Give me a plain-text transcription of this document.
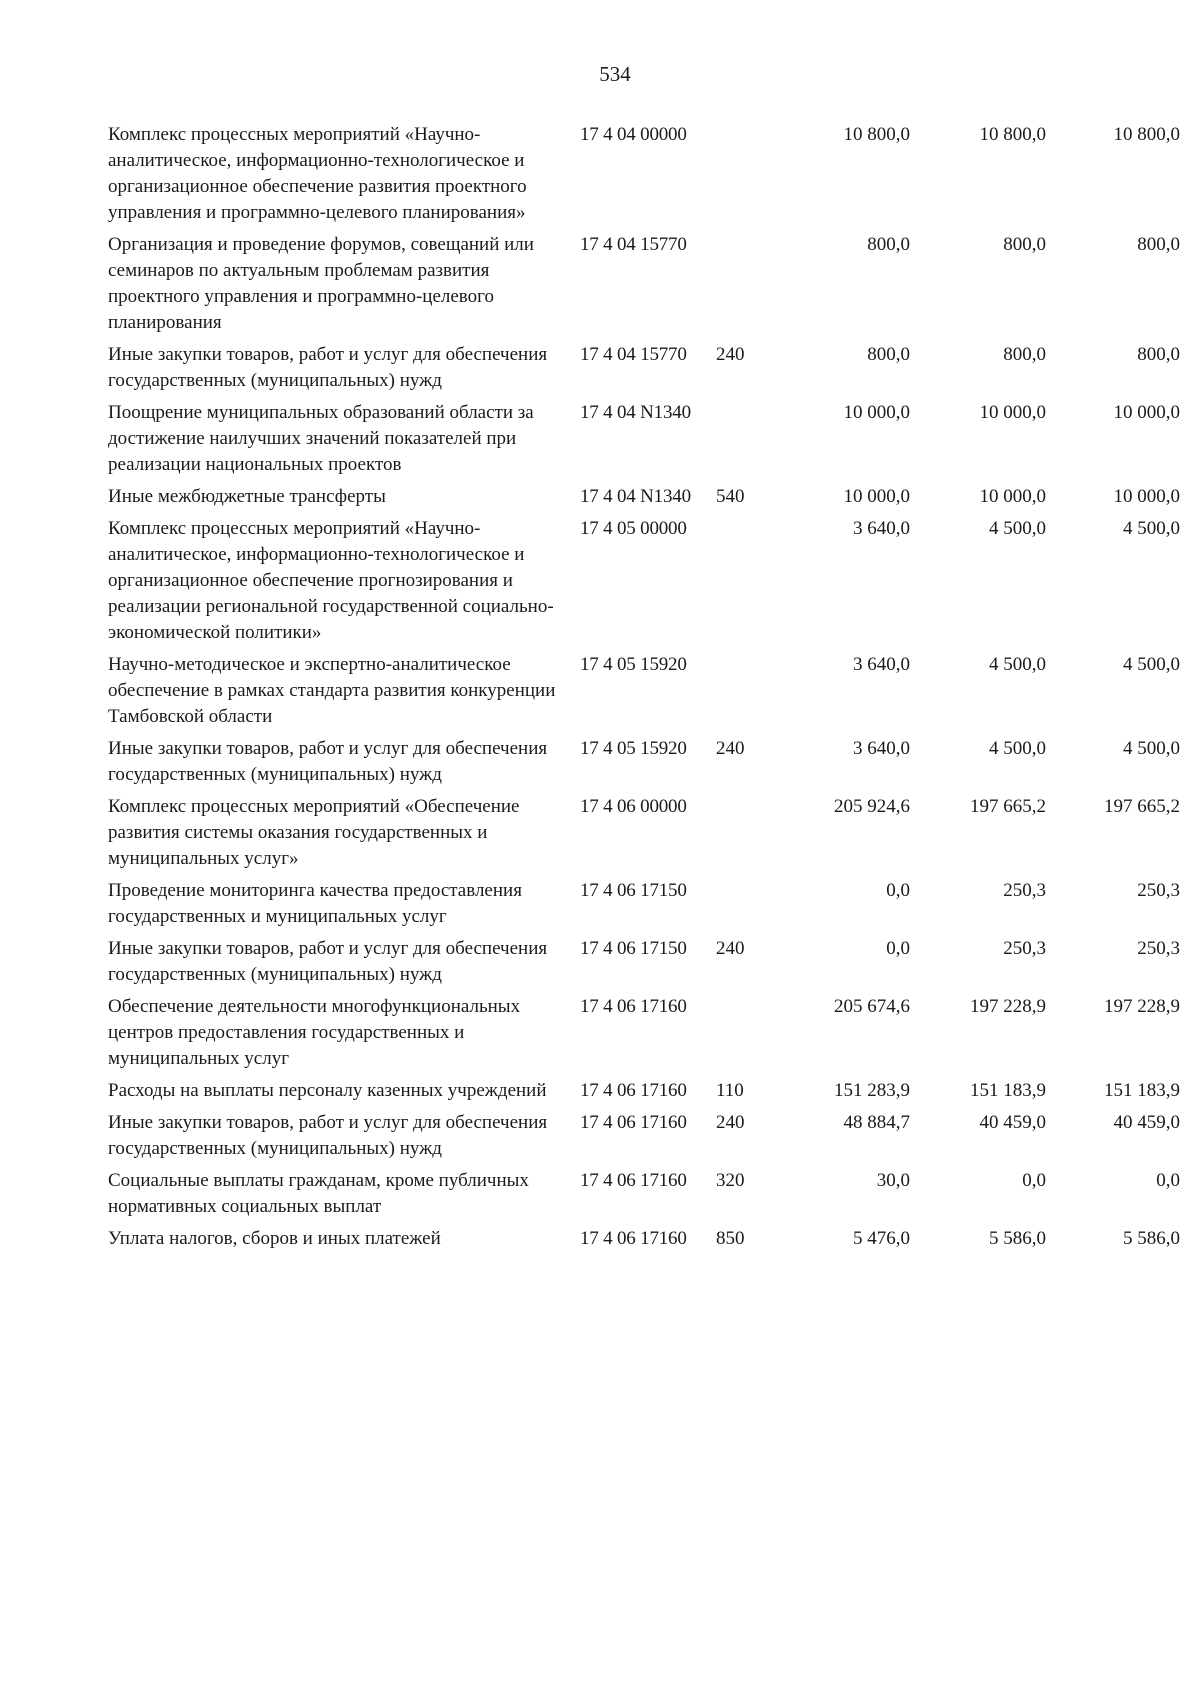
534
Комплекс процессных мероприятий «Научно-аналитическое, информационно-технологическое и организационное обеспечение развития проектного управления и программно-целевого планирования»	17 4 04 00000		10 800,0	10 800,0	10 800,0
Организация и проведение форумов, совещаний или семинаров по актуальным проблемам развития проектного управления и программно-целевого планирования	17 4 04 15770		800,0	800,0	800,0
Иные закупки товаров, работ и услуг для обеспечения государственных (муниципальных) нужд	17 4 04 15770	240	800,0	800,0	800,0
Поощрение муниципальных образований области за достижение наилучших значений показателей при реализации национальных проектов	17 4 04 N1340		10 000,0	10 000,0	10 000,0
Иные межбюджетные трансферты	17 4 04 N1340	540	10 000,0	10 000,0	10 000,0
Комплекс процессных мероприятий «Научно-аналитическое, информационно-технологическое и организационное обеспечение прогнозирования и реализации региональной государственной социально-экономической политики»	17 4 05 00000		3 640,0	4 500,0	4 500,0
Научно-методическое и экспертно-аналитическое обеспечение в рамках стандарта развития конкуренции Тамбовской области	17 4 05 15920		3 640,0	4 500,0	4 500,0
Иные закупки товаров, работ и услуг для обеспечения государственных (муниципальных) нужд	17 4 05 15920	240	3 640,0	4 500,0	4 500,0
Комплекс процессных мероприятий «Обеспечение развития системы оказания государственных и муниципальных услуг»	17 4 06 00000		205 924,6	197 665,2	197 665,2
Проведение мониторинга качества предоставления государственных и муниципальных услуг	17 4 06 17150		0,0	250,3	250,3
Иные закупки товаров, работ и услуг для обеспечения государственных (муниципальных) нужд	17 4 06 17150	240	0,0	250,3	250,3
Обеспечение деятельности многофункциональных центров предоставления государственных и муниципальных услуг	17 4 06 17160		205 674,6	197 228,9	197 228,9
Расходы на выплаты персоналу казенных учреждений	17 4 06 17160	110	151 283,9	151 183,9	151 183,9
Иные закупки товаров, работ и услуг для обеспечения государственных (муниципальных) нужд	17 4 06 17160	240	48 884,7	40 459,0	40 459,0
Социальные выплаты гражданам, кроме публичных нормативных социальных выплат	17 4 06 17160	320	30,0	0,0	0,0
Уплата налогов, сборов и иных платежей	17 4 06 17160	850	5 476,0	5 586,0	5 586,0
